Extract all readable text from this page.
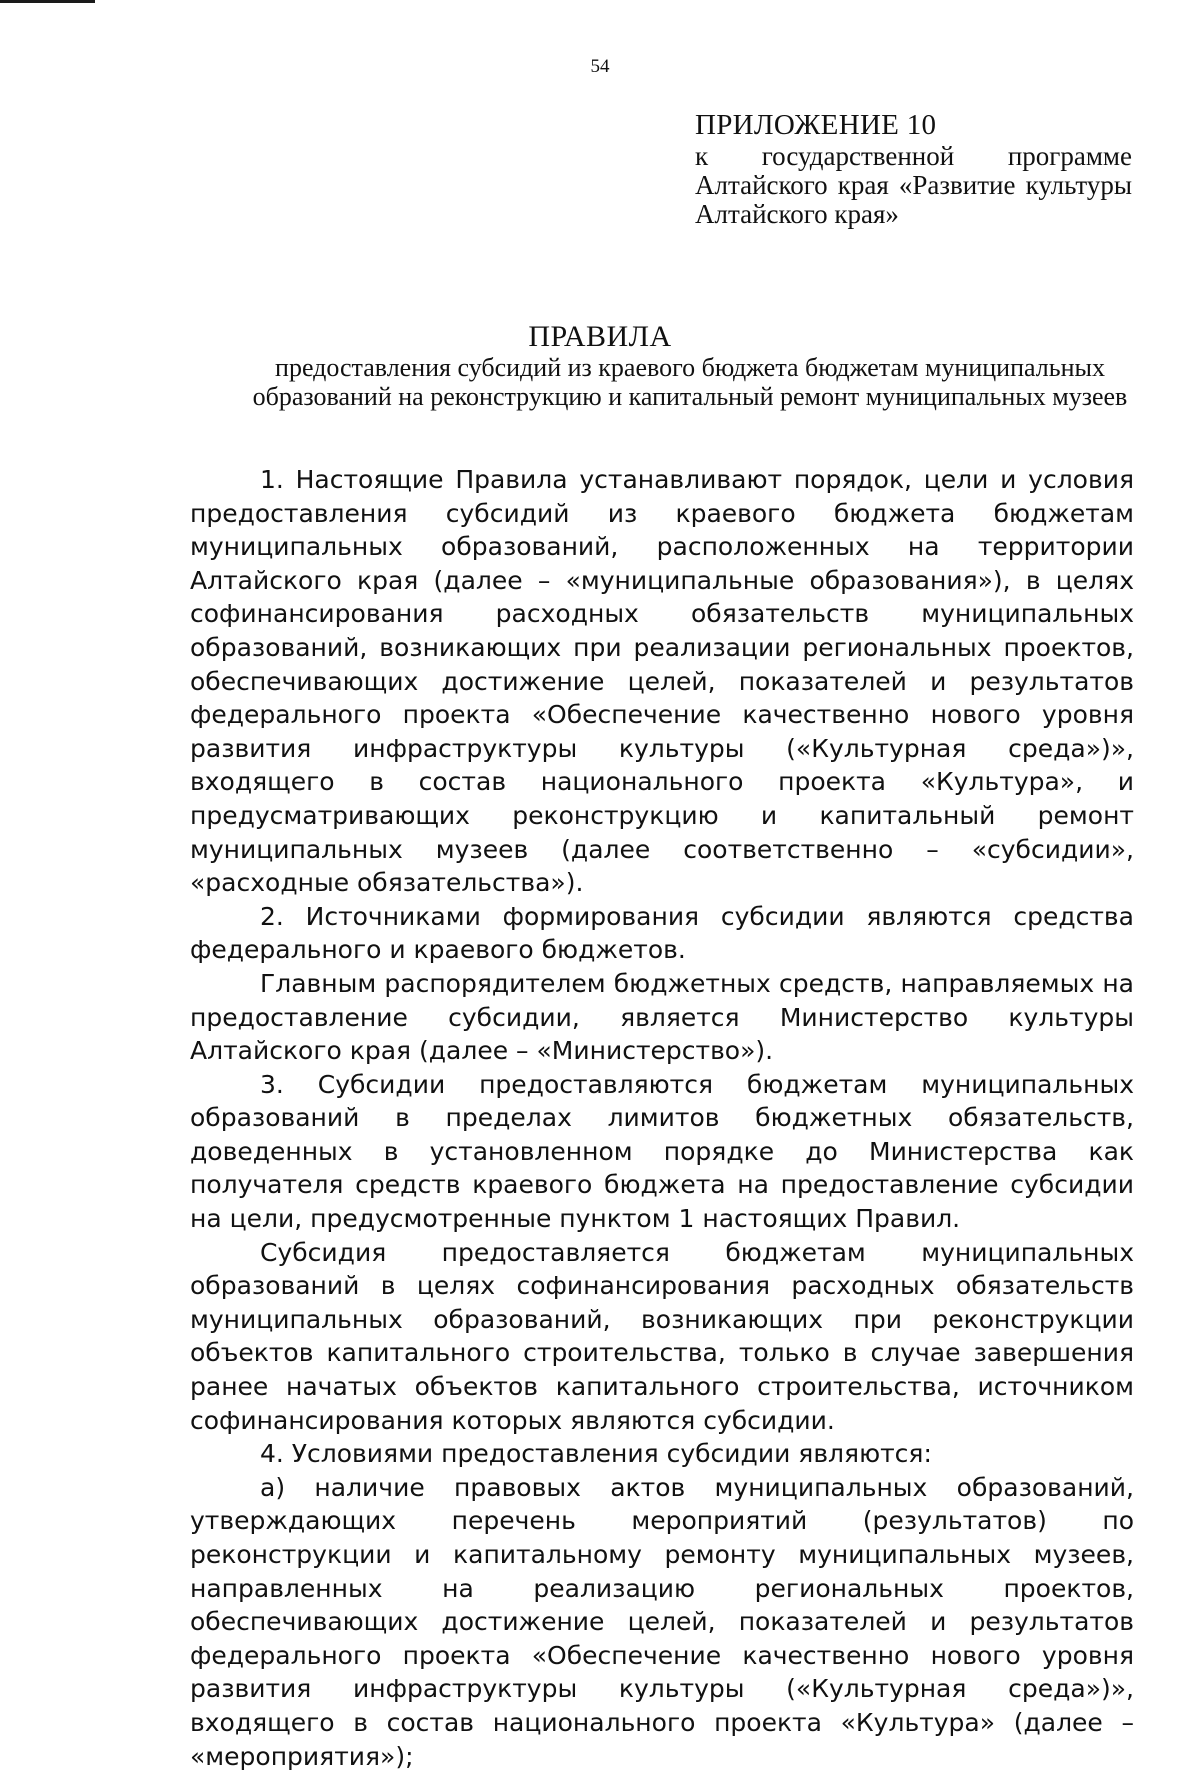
54
ПРИЛОЖЕНИЕ 10
к государственной программе Алтайского края «Развитие культуры Алтайского края»
ПРАВИЛА
предоставления субсидий из краевого бюджета бюджетам муниципальных образований на реконструкцию и капитальный ремонт муниципальных музеев

1. Настоящие Правила устанавливают порядок, цели и условия предоставления субсидий из краевого бюджета бюджетам муниципальных образований, расположенных на территории Алтайского края (далее – «муниципальные образования»), в целях софинансирования расходных обязательств муниципальных образований, возникающих при реализации региональных проектов, обеспечивающих достижение целей, показателей и результатов федерального проекта «Обеспечение качественно нового уровня развития инфраструктуры культуры («Культурная среда»)», входящего в состав национального проекта «Культура», и предусматривающих реконструкцию и капитальный ремонт муниципальных музеев (далее соответственно – «субсидии», «расходные обязательства»).

2. Источниками формирования субсидии являются средства федерального и краевого бюджетов.

Главным распорядителем бюджетных средств, направляемых на предоставление субсидии, является Министерство культуры Алтайского края (далее – «Министерство»).

3. Субсидии предоставляются бюджетам муниципальных образований в пределах лимитов бюджетных обязательств, доведенных в установленном порядке до Министерства как получателя средств краевого бюджета на предоставление субсидии на цели, предусмотренные пунктом 1 настоящих Правил.

Субсидия предоставляется бюджетам муниципальных образований в целях софинансирования расходных обязательств муниципальных образований, возникающих при реконструкции объектов капитального строительства, только в случае завершения ранее начатых объектов капитального строительства, источником софинансирования которых являются субсидии.

4. Условиями предоставления субсидии являются:

а) наличие правовых актов муниципальных образований, утверждающих перечень мероприятий (результатов) по реконструкции и капитальному ремонту муниципальных музеев, направленных на реализацию региональных проектов, обеспечивающих достижение целей, показателей и результатов федерального проекта «Обеспечение качественно нового уровня развития инфраструктуры культуры («Культурная среда»)», входящего в состав национального проекта «Культура» (далее – «мероприятия»);
